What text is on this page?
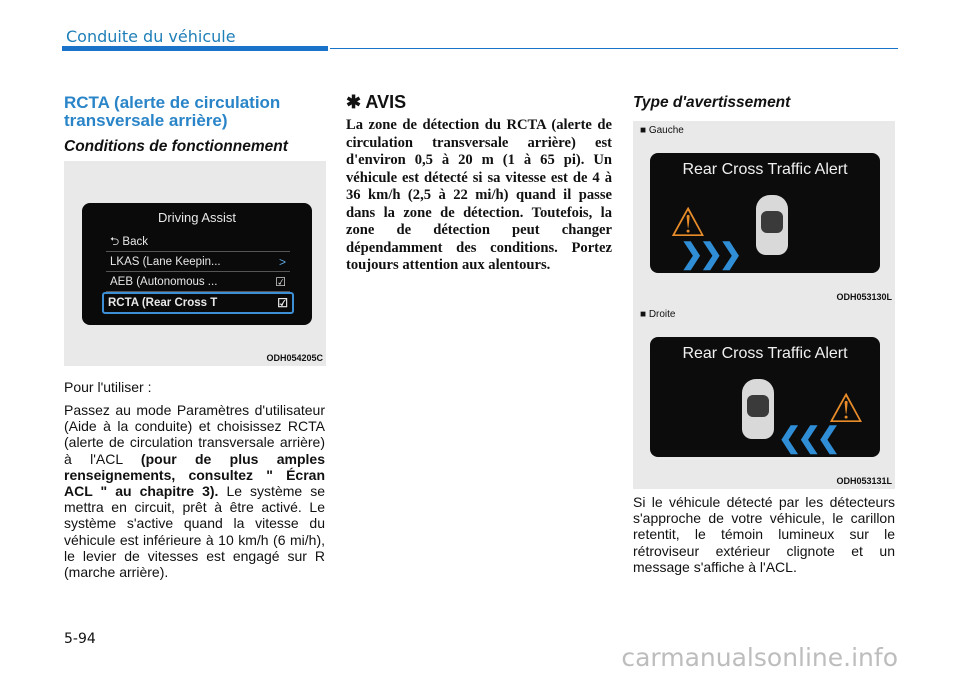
Conduite du véhicule
RCTA (alerte de circulation transversale arrière)
Conditions de fonctionnement
Driving Assist
⮌ Back
LKAS (Lane Keepin...	>
AEB (Autonomous ...	☑
RCTA (Rear Cross T	☑
ODH054205C
Pour l'utiliser :
Passez au mode Paramètres d'utilisateur (Aide à la conduite) et choisissez RCTA (alerte de circulation transversale arrière) à l'ACL (pour de plus amples renseignements, consultez " Écran ACL " au chapitre 3). Le système se mettra en circuit, prêt à être activé. Le système s'active quand la vitesse du véhicule est inférieure à 10 km/h (6 mi/h), le levier de vitesses est engagé sur R (marche arrière).
✱ AVIS
La zone de détection du RCTA (alerte de circulation transversale arrière) est d'environ 0,5 à 20 m (1 à 65 pi). Un véhicule est détecté si sa vitesse est de 4 à 36 km/h (2,5 à 22 mi/h) quand il passe dans la zone de détection. Toutefois, la zone de détection peut changer dépendamment des conditions. Portez toujours attention aux alentours.
Type d'avertissement
■ Gauche
Rear Cross Traffic Alert
⚠
❯❯❯
ODH053130L
■ Droite
Rear Cross Traffic Alert
⚠
❮❮❮
ODH053131L
Si le véhicule détecté par les détecteurs s'approche de votre véhicule, le carillon retentit, le témoin lumineux sur le rétroviseur extérieur clignote et un message s'affiche à l'ACL.
5-94
carmanualsonline.info
